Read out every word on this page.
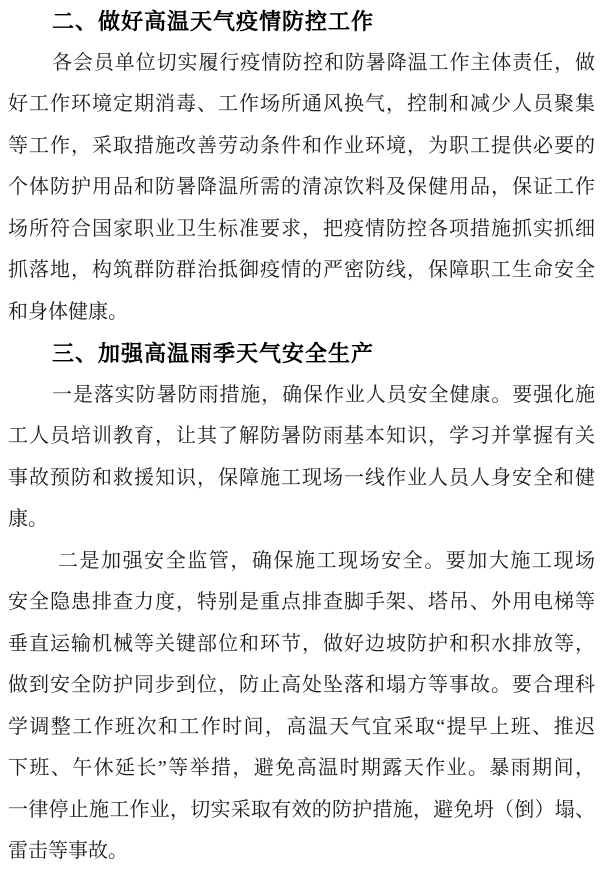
二、做好高温天气疫情防控工作
各会员单位切实履行疫情防控和防暑降温工作主体责任，做
好工作环境定期消毒、工作场所通风换气，控制和减少人员聚集
等工作，采取措施改善劳动条件和作业环境，为职工提供必要的
个体防护用品和防暑降温所需的清凉饮料及保健用品，保证工作
场所符合国家职业卫生标准要求，把疫情防控各项措施抓实抓细
抓落地，构筑群防群治抵御疫情的严密防线，保障职工生命安全
和身体健康。
三、加强高温雨季天气安全生产
一是落实防暑防雨措施，确保作业人员安全健康。要强化施
工人员培训教育，让其了解防暑防雨基本知识，学习并掌握有关
事故预防和救援知识，保障施工现场一线作业人员人身安全和健
康。
二是加强安全监管，确保施工现场安全。要加大施工现场
安全隐患排查力度，特别是重点排查脚手架、塔吊、外用电梯等
垂直运输机械等关键部位和环节，做好边坡防护和积水排放等，
做到安全防护同步到位，防止高处坠落和塌方等事故。要合理科
学调整工作班次和工作时间，高温天气宜采取“提早上班、推迟
下班、午休延长”等举措，避免高温时期露天作业。暴雨期间，
一律停止施工作业，切实采取有效的防护措施，避免坍（倒）塌、
雷击等事故。
